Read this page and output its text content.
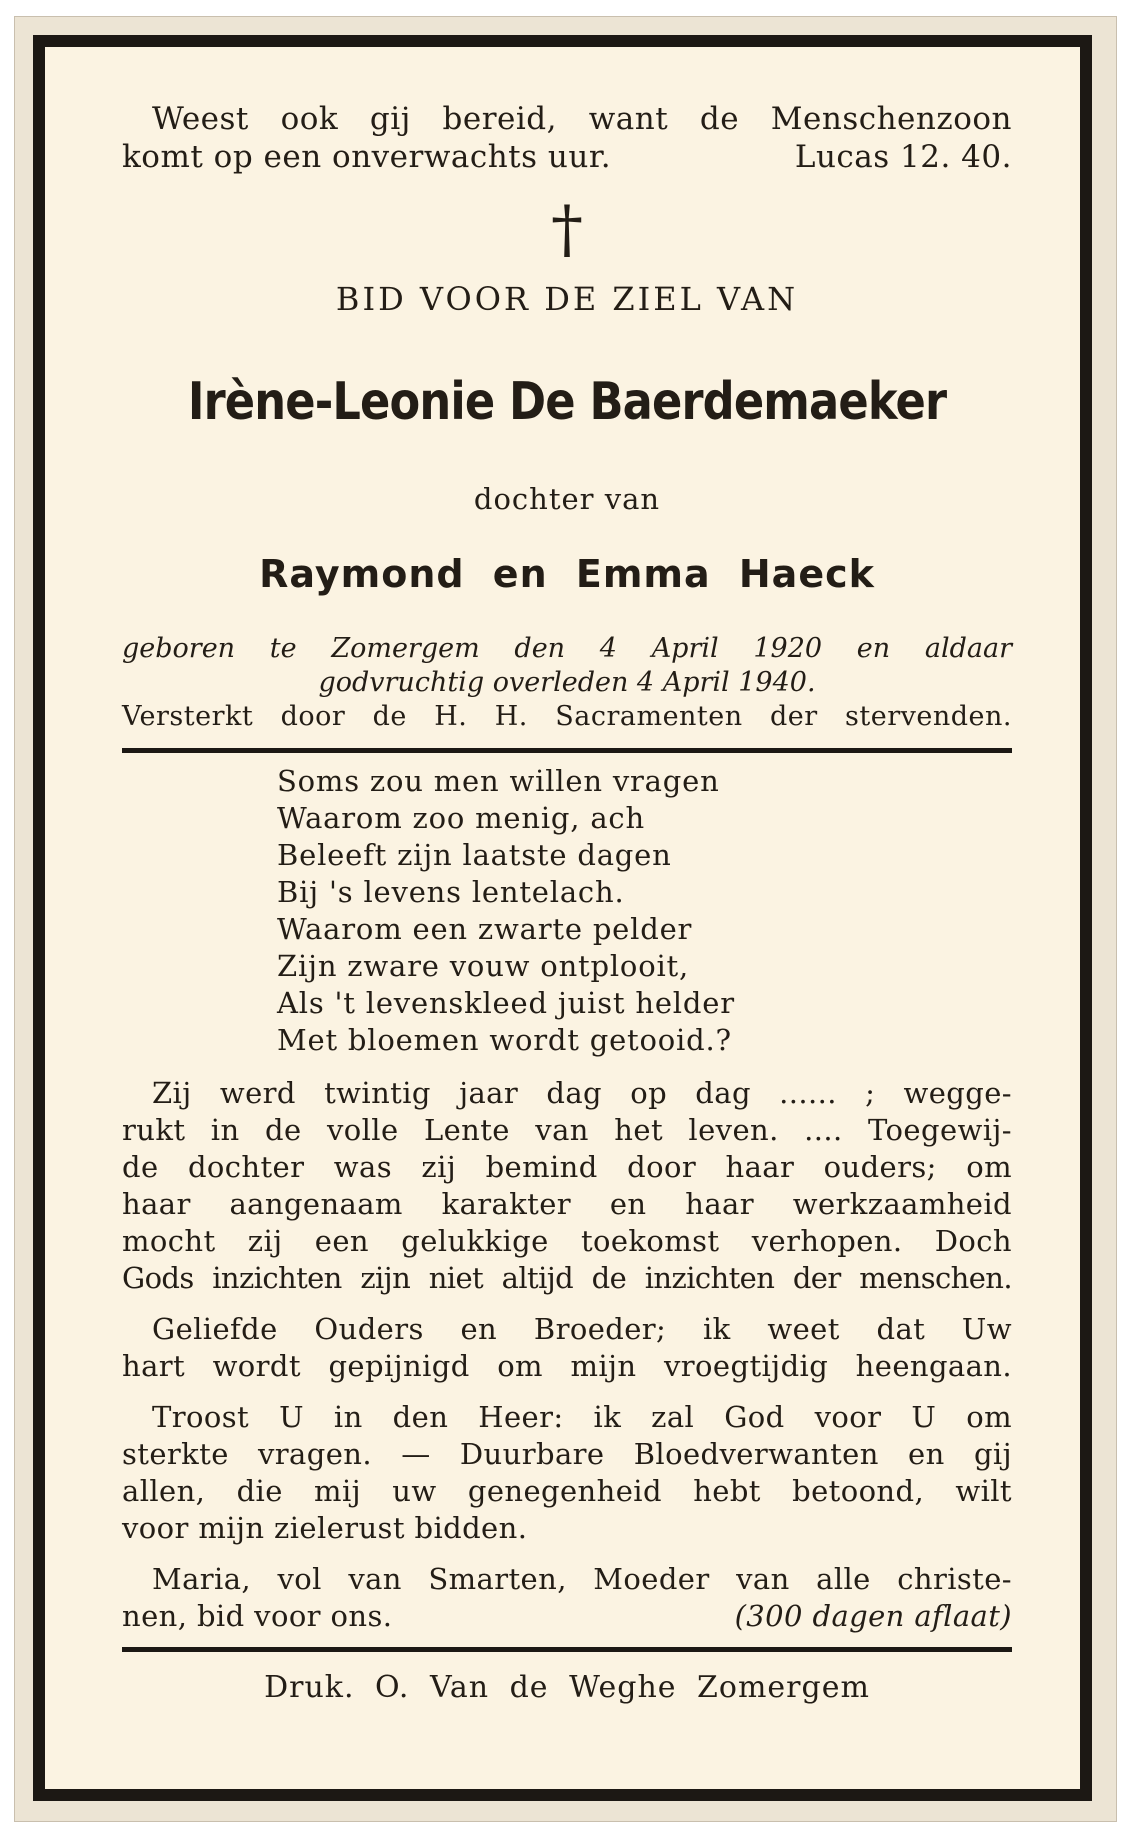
Weest ook gij bereid, want de Menschenzoon
komt op een onverwachts uur.	Lucas 12. 40.
†
BID VOOR DE ZIEL VAN
Irène-Leonie De Baerdemaeker
dochter van
Raymond en Emma Haeck
geboren te Zomergem den 4 April 1920 en aldaar
godvruchtig overleden 4 April 1940.
Versterkt door de H. H. Sacramenten der stervenden.
Soms zou men willen vragen
Waarom zoo menig, ach
Beleeft zijn laatste dagen
Bij 's levens lentelach.
Waarom een zwarte pelder
Zijn zware vouw ontplooit,
Als 't levenskleed juist helder
Met bloemen wordt getooid.?
Zij werd twintig jaar dag op dag ...... ; wegge-
rukt in de volle Lente van het leven. .... Toegewij-
de dochter was zij bemind door haar ouders; om
haar aangenaam karakter en haar werkzaamheid
mocht zij een gelukkige toekomst verhopen. Doch
Gods inzichten zijn niet altijd de inzichten der menschen.
Geliefde Ouders en Broeder; ik weet dat Uw
hart wordt gepijnigd om mijn vroegtijdig heengaan.
Troost U in den Heer: ik zal God voor U om
sterkte vragen. — Duurbare Bloedverwanten en gij
allen, die mij uw genegenheid hebt betoond, wilt
voor mijn zielerust bidden.
Maria, vol van Smarten, Moeder van alle christe-
nen, bid voor ons.	(300 dagen aflaat)
Druk. O. Van de Weghe Zomergem
